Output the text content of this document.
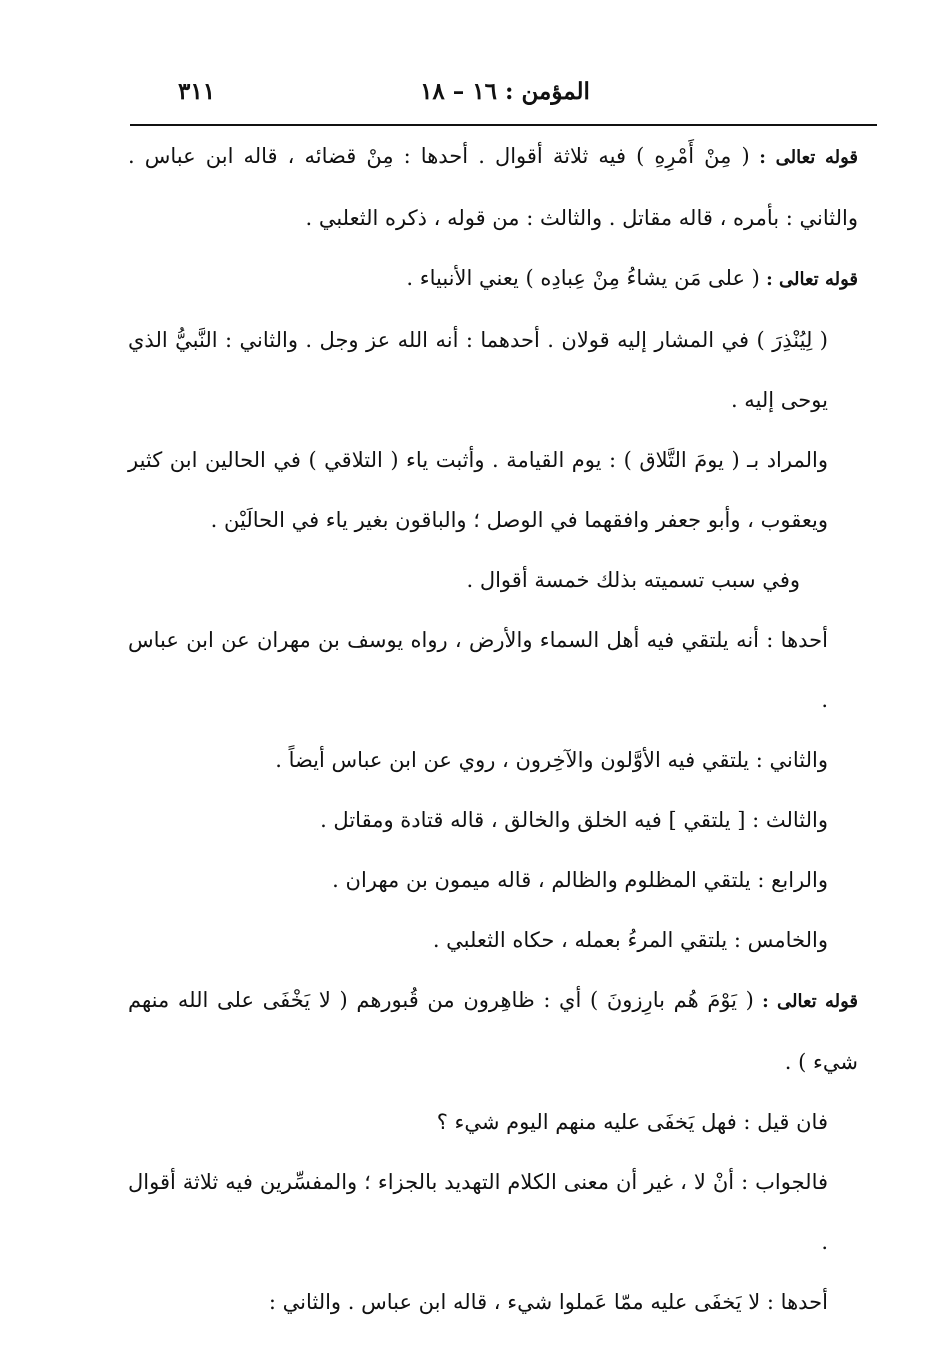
المؤمن : ١٦ – ١٨
٣١١

قوله تعالى : ( مِنْ أَمْرِهِ ) فيه ثلاثة أقوال . أحدها : مِنْ قضائه ، قاله ابن عباس . والثاني : بأمره ، قاله مقاتل . والثالث : من قوله ، ذكره الثعلبي .

قوله تعالى : ( على مَن يشاءُ مِنْ عِبادِه ) يعني الأنبياء .

( لِيُنْذِرَ ) في المشار إليه قولان . أحدهما : أنه الله عز وجل . والثاني : النَّبيُّ الذي يوحى إليه .

والمراد بـ ( يومَ التَّلاق ) : يوم القيامة . وأثبت ياء ( التلاقي ) في الحالين ابن كثير ويعقوب ، وأبو جعفر وافقهما في الوصل ؛ والباقون بغير ياء في الحالَيْن .

وفي سبب تسميته بذلك خمسة أقوال .

أحدها : أنه يلتقي فيه أهل السماء والأرض ، رواه يوسف بن مهران عن ابن عباس .

والثاني : يلتقي فيه الأوَّلون والآخِرون ، روي عن ابن عباس أيضاً .

والثالث : [ يلتقي ] فيه الخلق والخالق ، قاله قتادة ومقاتل .

والرابع : يلتقي المظلوم والظالم ، قاله ميمون بن مهران .

والخامس : يلتقي المرءُ بعمله ، حكاه الثعلبي .

قوله تعالى : ( يَوْمَ هُم بارِزونَ ) أي : ظاهِرون من قُبورهم ( لا يَخْفَى على الله منهم شيء ) .

فان قيل : فهل يَخفَى عليه منهم اليوم شيء ؟

فالجواب : أنْ لا ، غير أن معنى الكلام التهديد بالجزاء ؛ والمفسِّرين فيه ثلاثة أقوال .

أحدها : لا يَخفَى عليه ممّا عَملوا شيء ، قاله ابن عباس . والثاني :
